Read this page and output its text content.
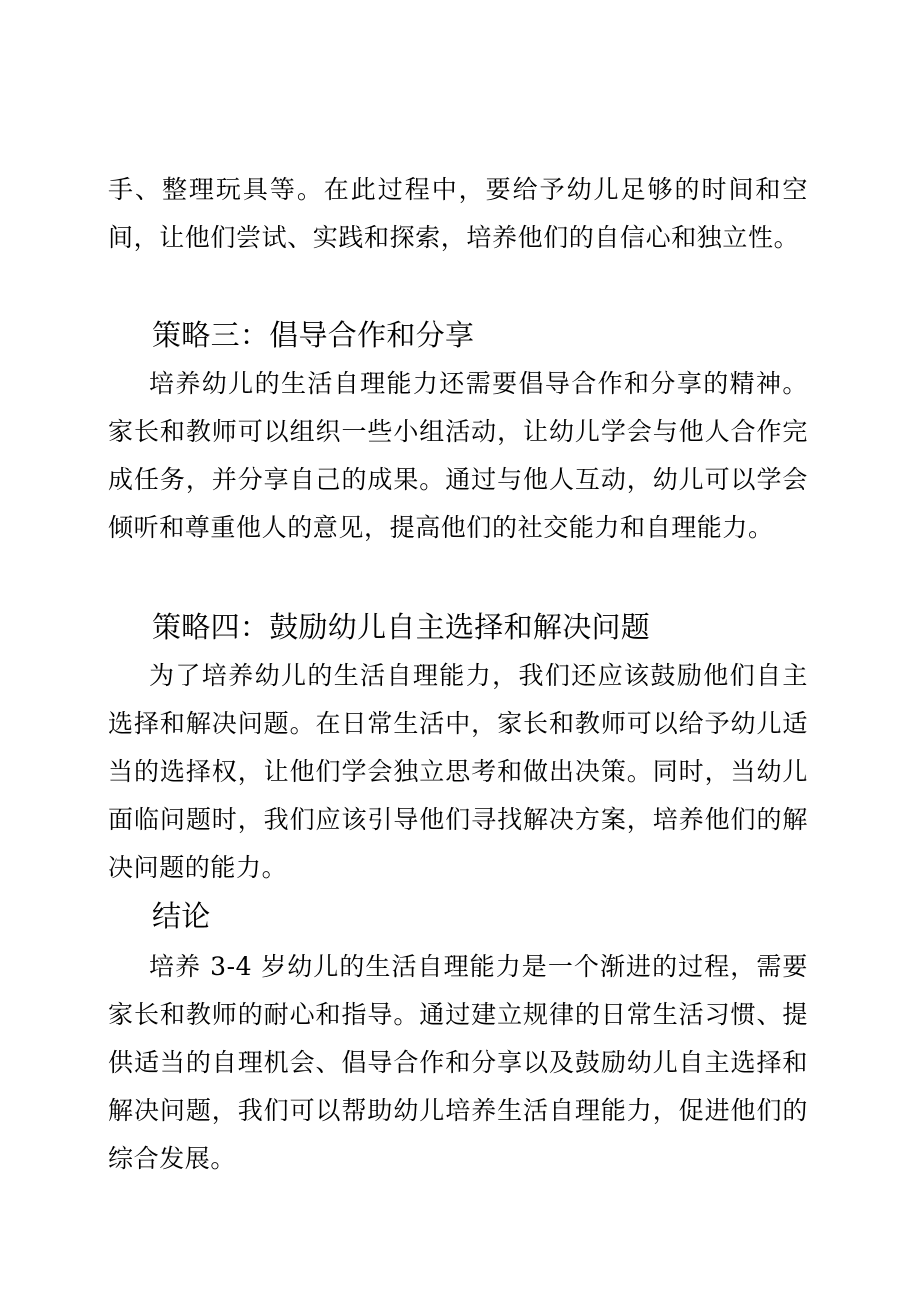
手、整理玩具等。在此过程中，要给予幼儿足够的时间和空间，让他们尝试、实践和探索，培养他们的自信心和独立性。

策略三：倡导合作和分享

培养幼儿的生活自理能力还需要倡导合作和分享的精神。家长和教师可以组织一些小组活动，让幼儿学会与他人合作完成任务，并分享自己的成果。通过与他人互动，幼儿可以学会倾听和尊重他人的意见，提高他们的社交能力和自理能力。

策略四：鼓励幼儿自主选择和解决问题

为了培养幼儿的生活自理能力，我们还应该鼓励他们自主选择和解决问题。在日常生活中，家长和教师可以给予幼儿适当的选择权，让他们学会独立思考和做出决策。同时，当幼儿面临问题时，我们应该引导他们寻找解决方案，培养他们的解决问题的能力。

结论

培养 3-4 岁幼儿的生活自理能力是一个渐进的过程，需要家长和教师的耐心和指导。通过建立规律的日常生活习惯、提供适当的自理机会、倡导合作和分享以及鼓励幼儿自主选择和解决问题，我们可以帮助幼儿培养生活自理能力，促进他们的综合发展。
